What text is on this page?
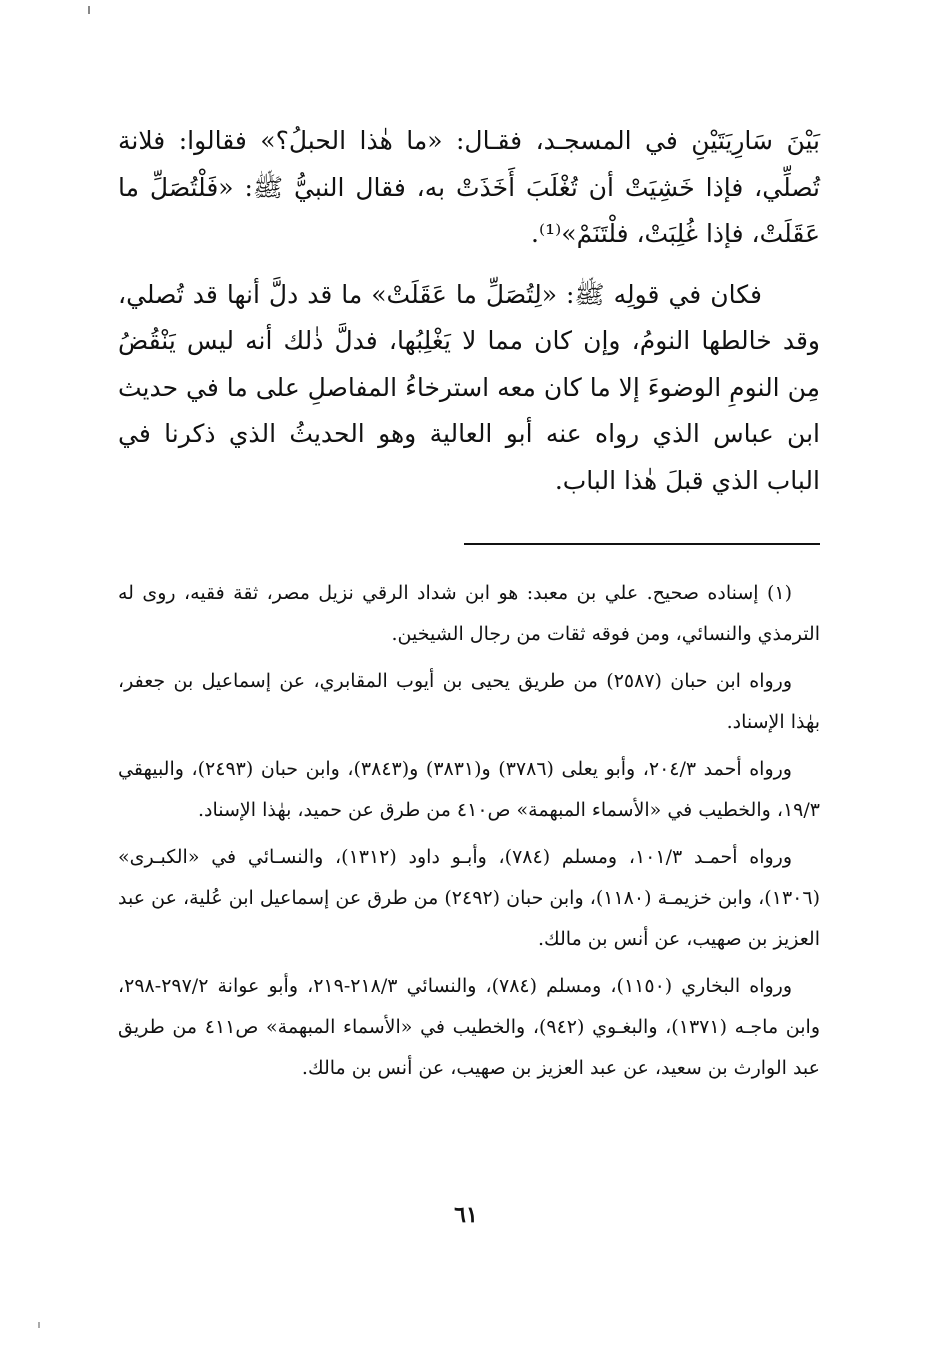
بَيْنَ سَارِيَتَيْنِ في المسجـد، فقـال: «ما هٰذا الحبلُ؟» فقالوا: فلانة تُصلِّي، فإذا خَشِيَتْ أن تُغْلَبَ أَخَذَتْ به، فقال النبيُّ ﷺ: «فَلْتُصَلِّ ما عَقَلَتْ، فإذا غُلِبَتْ، فلْتَنَمْ»⁽¹⁾.

فكان في قولِه ﷺ: «لِتُصَلِّ ما عَقَلَتْ» ما قد دلَّ أنها قد تُصلي، وقد خالطها النومُ، وإن كان مما لا يَغْلِبُها، فدلَّ ذٰلك أنه ليس يَنْقُضُ مِن النومِ الوضوءَ إلا ما كان معه استرخاءُ المفاصلِ على ما في حديث ابن عباس الذي رواه عنه أبو العالية وهو الحديثُ الذي ذكرنا في الباب الذي قبلَ هٰذا الباب.

(١) إسناده صحيح. علي بن معبد: هو ابن شداد الرقي نزيل مصر، ثقة فقيه، روى له الترمذي والنسائي، ومن فوقه ثقات من رجال الشيخين.

ورواه ابن حبان (٢٥٨٧) من طريق يحيى بن أيوب المقابري، عن إسماعيل بن جعفر، بهٰذا الإسناد.

ورواه أحمد ٢٠٤/٣، وأبو يعلى (٣٧٨٦) و(٣٨٣١) و(٣٨٤٣)، وابن حبان (٢٤٩٣)، والبيهقي ١٩/٣، والخطيب في «الأسماء المبهمة» ص٤١٠ من طرق عن حميد، بهٰذا الإسناد.

ورواه أحمـد ١٠١/٣، ومسلم (٧٨٤)، وأبـو داود (١٣١٢)، والنسـائي في «الكبـرى» (١٣٠٦)، وابن خزيمـة (١١٨٠)، وابن حبان (٢٤٩٢) من طرق عن إسماعيل ابن عُلية، عن عبد العزيز بن صهيب، عن أنس بن مالك.

ورواه البخاري (١١٥٠)، ومسلم (٧٨٤)، والنسائي ٢١٨/٣-٢١٩، وأبو عوانة ٢٩٧/٢-٢٩٨، وابن ماجـه (١٣٧١)، والبغـوي (٩٤٢)، والخطيب في «الأسماء المبهمة» ص٤١١ من طريق عبد الوارث بن سعيد، عن عبد العزيز بن صهيب، عن أنس بن مالك.

٦١
